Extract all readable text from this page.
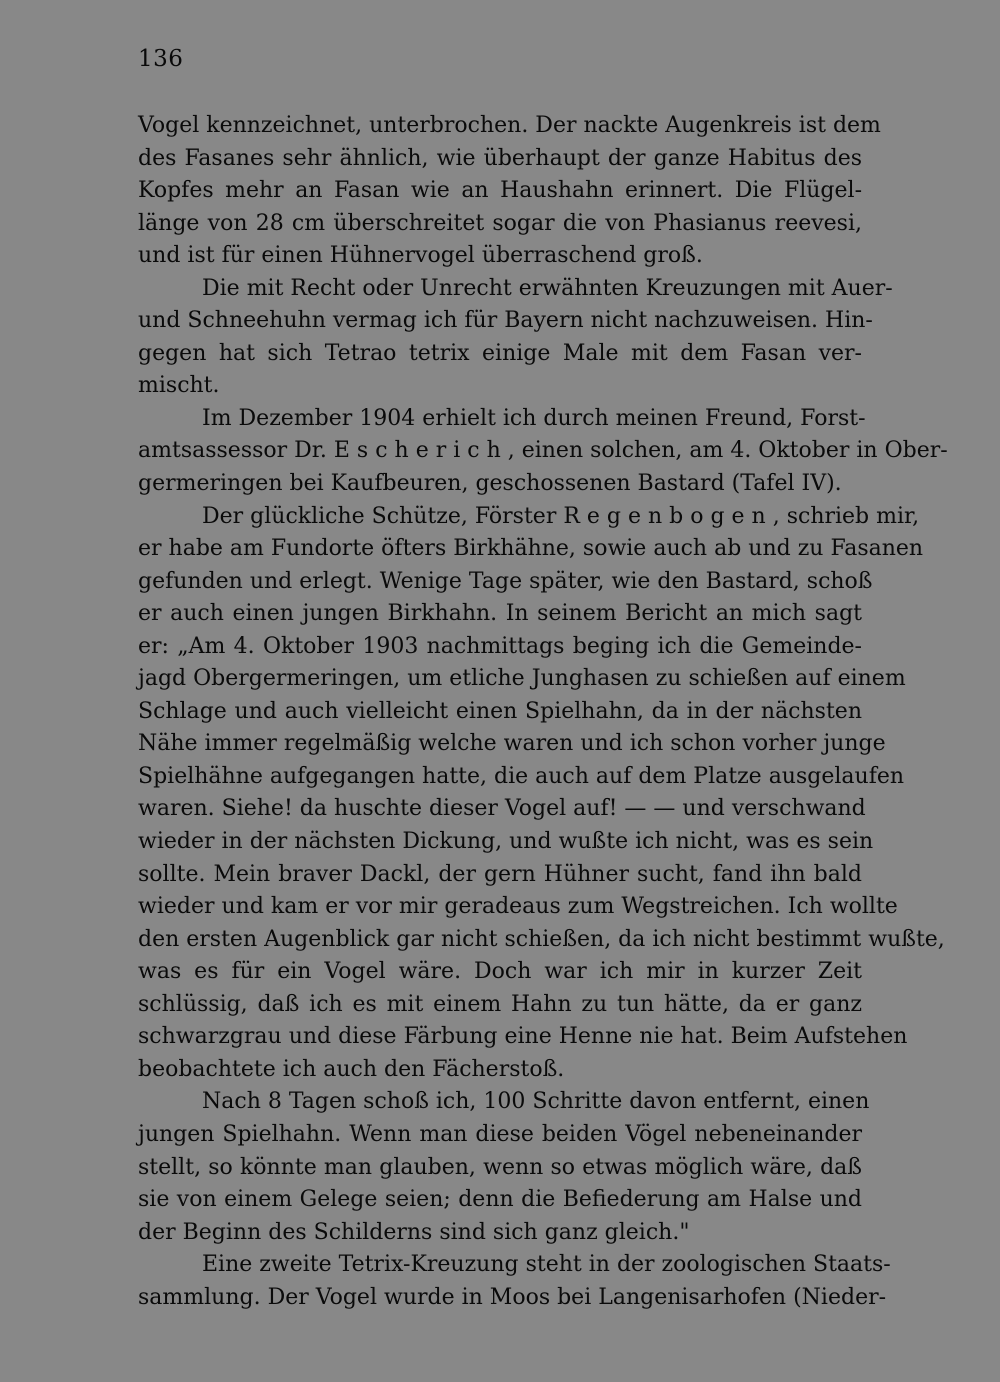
136
Vogel kennzeichnet, unterbrochen. Der nackte Augenkreis ist dem
des Fasanes sehr ähnlich, wie überhaupt der ganze Habitus des
Kopfes mehr an Fasan wie an Haushahn erinnert. Die Flügel-
länge von 28 cm überschreitet sogar die von Phasianus reevesi,
und ist für einen Hühnervogel überraschend groß.
Die mit Recht oder Unrecht erwähnten Kreuzungen mit Auer-
und Schneehuhn vermag ich für Bayern nicht nachzuweisen. Hin-
gegen hat sich Tetrao tetrix einige Male mit dem Fasan ver-
mischt.
Im Dezember 1904 erhielt ich durch meinen Freund, Forst-
amtsassessor Dr. E s c h e r i c h , einen solchen, am 4. Oktober in Ober-
germeringen bei Kaufbeuren, geschossenen Bastard (Tafel IV).
Der glückliche Schütze, Förster R e g e n b o g e n , schrieb mir,
er habe am Fundorte öfters Birkhähne, sowie auch ab und zu Fasanen
gefunden und erlegt. Wenige Tage später, wie den Bastard, schoß
er auch einen jungen Birkhahn. In seinem Bericht an mich sagt
er: „Am 4. Oktober 1903 nachmittags beging ich die Gemeinde-
jagd Obergermeringen, um etliche Junghasen zu schießen auf einem
Schlage und auch vielleicht einen Spielhahn, da in der nächsten
Nähe immer regelmäßig welche waren und ich schon vorher junge
Spielhähne aufgegangen hatte, die auch auf dem Platze ausgelaufen
waren. Siehe! da huschte dieser Vogel auf! — — und verschwand
wieder in der nächsten Dickung, und wußte ich nicht, was es sein
sollte. Mein braver Dackl, der gern Hühner sucht, fand ihn bald
wieder und kam er vor mir geradeaus zum Wegstreichen. Ich wollte
den ersten Augenblick gar nicht schießen, da ich nicht bestimmt wußte,
was es für ein Vogel wäre. Doch war ich mir in kurzer Zeit
schlüssig, daß ich es mit einem Hahn zu tun hätte, da er ganz
schwarzgrau und diese Färbung eine Henne nie hat. Beim Aufstehen
beobachtete ich auch den Fächerstoß.
Nach 8 Tagen schoß ich, 100 Schritte davon entfernt, einen
jungen Spielhahn. Wenn man diese beiden Vögel nebeneinander
stellt, so könnte man glauben, wenn so etwas möglich wäre, daß
sie von einem Gelege seien; denn die Befiederung am Halse und
der Beginn des Schilderns sind sich ganz gleich."
Eine zweite Tetrix-Kreuzung steht in der zoologischen Staats-
sammlung. Der Vogel wurde in Moos bei Langenisarhofen (Nieder-
